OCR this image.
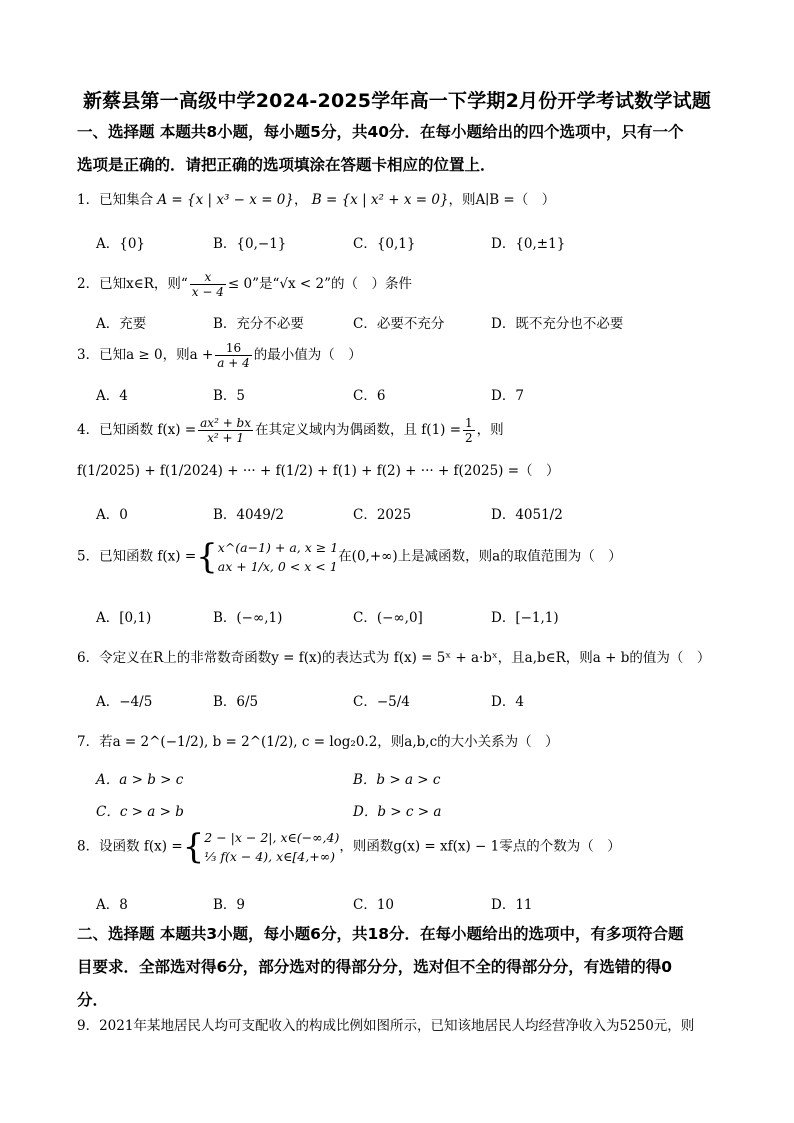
新蔡县第一高级中学2024-2025学年高一下学期2月份开学考试数学试题
一、选择题 本题共8小题，每小题5分，共40分．在每小题给出的四个选项中，只有一个
选项是正确的．请把正确的选项填涂在答题卡相应的位置上．
1．已知集合 A = {x | x³ − x = 0}， B = {x | x² + x = 0}，则A∣B =（　）
A．{0}	B．{0,−1}	C．{0,1}	D．{0,±1}
2．已知x∈R，则“ $\frac{x}{x - 4} \le 0$”是“√x < 2”的（　）条件
A．充要	B．充分不必要	C．必要不充分	D．既不充分也不必要
3．已知a ≥ 0，则$a + \frac{16}{a + 4}$ 的最小值为（　）
A．4	B．5	C．6	D．7
4．已知函数 $f(x) = \frac{\text{ax² + bx}}{\text{x² + 1}}$ 在其定义域内为偶函数，且 $f(1) = \frac{1}{2}$ ，则
f(1/2025) + f(1/2024) + ··· + f(1/2) + f(1) + f(2) + ··· + f(2025) =（　）
A．0	B．4049/2	C．2025	D．4051/2
5．已知函数 f(x) ={ x^(a−1) + a, x ≥ 1
ax + 1/x, 0 < x < 1
在(0,+∞)上是减函数，则a的取值范围为（　）
A．[0,1)	B．(−∞,1)	C．(−∞,0]	D．[−1,1)
6．令定义在R上的非常数奇函数y = f(x)的表达式为 f(x) = 5ˣ + a·bˣ，且a,b∈R，则a + b的值为（　）
A．−4/5	B．6/5	C．−5/4	D．4
7．若a = 2^(−1/2), b = 2^(1/2), c = log₂0.2，则a,b,c的大小关系为（　）
A．a > b > c	B．b > a > c
C．c > a > b	D．b > c > a
8．设函数 f(x) ={ 2 − |x − 2|, x∈(−∞,4)
⅓ f(x − 4), x∈[4,+∞)
，则函数g(x) = xf(x) − 1零点的个数为（　）
A．8	B．9	C．10	D．11
二、选择题 本题共3小题，每小题6分，共18分．在每小题给出的选项中，有多项符合题
目要求．全部选对得6分，部分选对的得部分分，选对但不全的得部分分，有选错的得0
分．
9．2021年某地居民人均可支配收入的构成比例如图所示，已知该地居民人均经营净收入为5250元，则
